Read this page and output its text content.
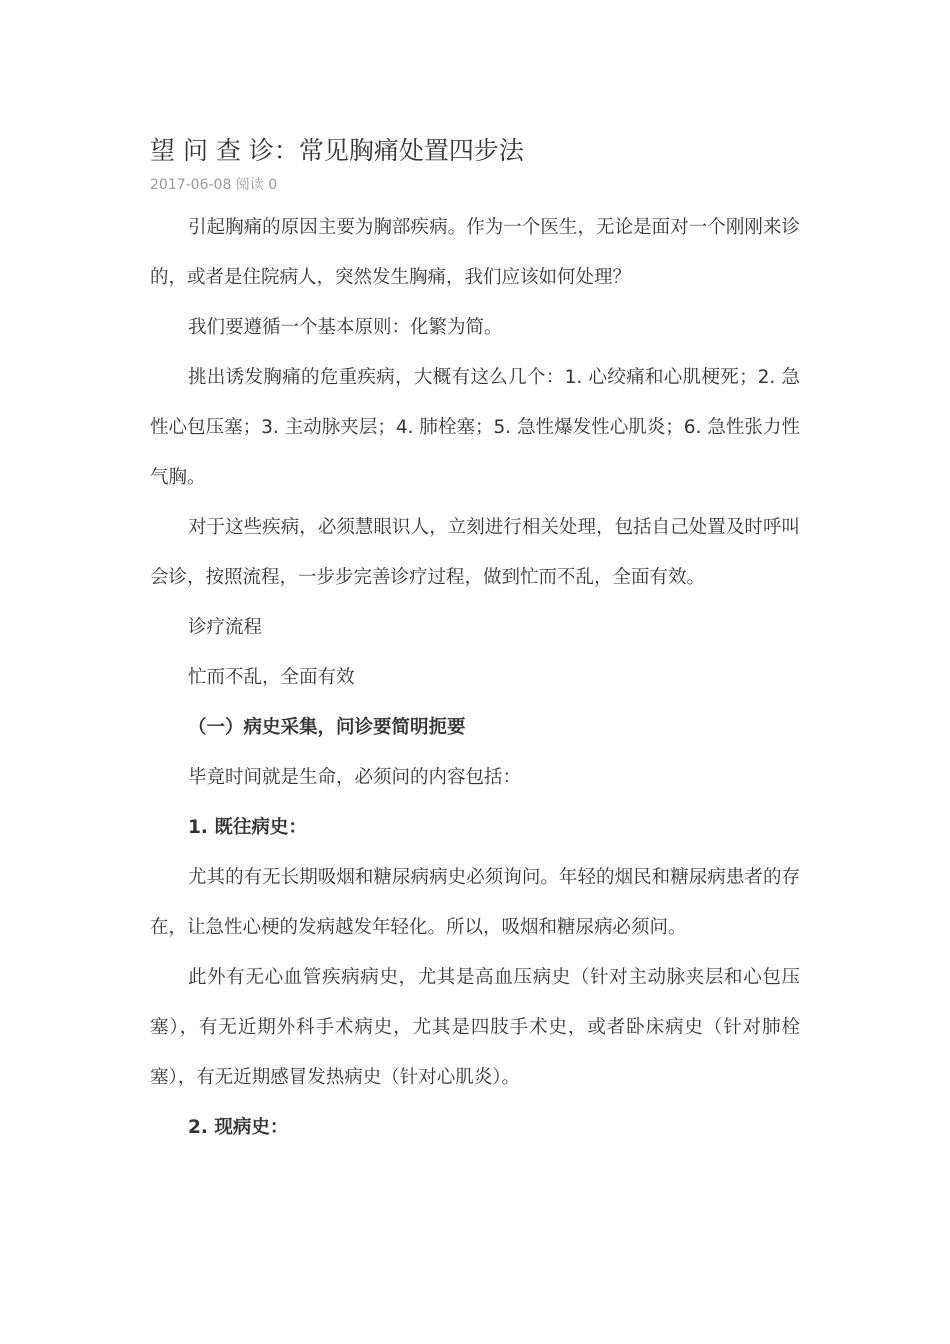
望 问 查 诊：常见胸痛处置四步法
2017-06-08 阅读 0

引起胸痛的原因主要为胸部疾病。作为一个医生，无论是面对一个刚刚来诊的，或者是住院病人，突然发生胸痛，我们应该如何处理？

我们要遵循一个基本原则：化繁为简。

挑出诱发胸痛的危重疾病，大概有这么几个：1. 心绞痛和心肌梗死；2. 急性心包压塞；3. 主动脉夹层；4. 肺栓塞；5. 急性爆发性心肌炎；6. 急性张力性气胸。

对于这些疾病，必须慧眼识人，立刻进行相关处理，包括自己处置及时呼叫会诊，按照流程，一步步完善诊疗过程，做到忙而不乱，全面有效。

诊疗流程

忙而不乱，全面有效

（一）病史采集，问诊要简明扼要

毕竟时间就是生命，必须问的内容包括：

1. 既往病史：

尤其的有无长期吸烟和糖尿病病史必须询问。年轻的烟民和糖尿病患者的存在，让急性心梗的发病越发年轻化。所以，吸烟和糖尿病必须问。

此外有无心血管疾病病史，尤其是高血压病史（针对主动脉夹层和心包压塞），有无近期外科手术病史，尤其是四肢手术史，或者卧床病史（针对肺栓塞），有无近期感冒发热病史（针对心肌炎）。

2. 现病史：
